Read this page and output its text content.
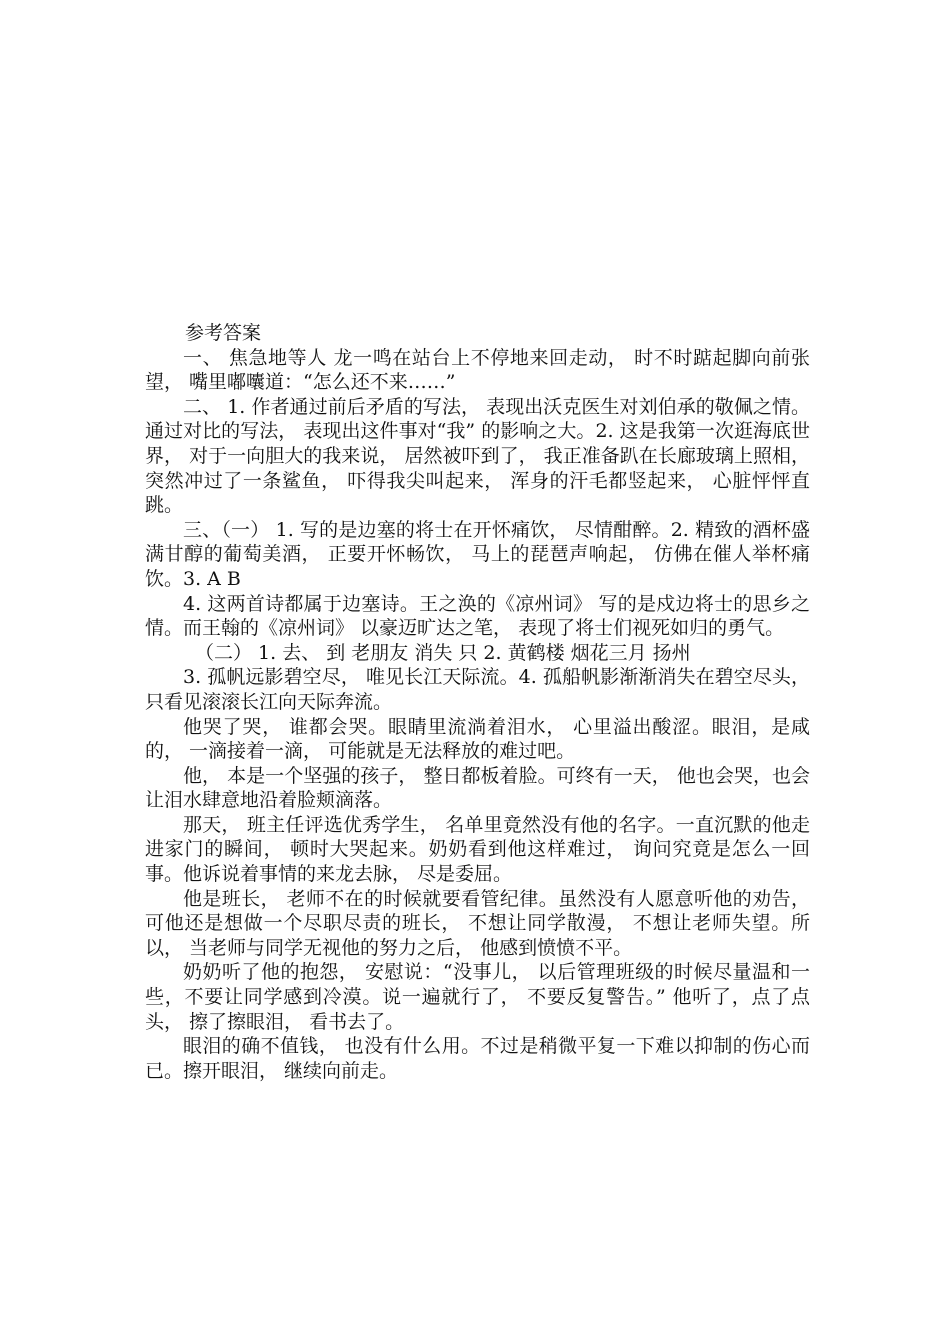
参考答案

一、 焦急地等人 龙一鸣在站台上不停地来回走动， 时不时踮起脚向前张望， 嘴里嘟囔道：“怎么还不来……”

二、 1. 作者通过前后矛盾的写法， 表现出沃克医生对刘伯承的敬佩之情。通过对比的写法， 表现出这件事对“我” 的影响之大。2. 这是我第一次逛海底世界， 对于一向胆大的我来说， 居然被吓到了， 我正准备趴在长廊玻璃上照相，突然冲过了一条鲨鱼， 吓得我尖叫起来， 浑身的汗毛都竖起来， 心脏怦怦直跳。

三、（一） 1. 写的是边塞的将士在开怀痛饮， 尽情酣醉。2. 精致的酒杯盛满甘醇的葡萄美酒， 正要开怀畅饮， 马上的琵琶声响起， 仿佛在催人举杯痛饮。3. A B

4. 这两首诗都属于边塞诗。王之涣的《凉州词》 写的是戍边将士的思乡之情。而王翰的《凉州词》 以豪迈旷达之笔， 表现了将士们视死如归的勇气。

（二） 1. 去、 到 老朋友 消失 只 2. 黄鹤楼 烟花三月 扬州

3. 孤帆远影碧空尽， 唯见长江天际流。4. 孤船帆影渐渐消失在碧空尽头， 只看见滚滚长江向天际奔流。

他哭了哭， 谁都会哭。眼睛里流淌着泪水， 心里溢出酸涩。眼泪，是咸的， 一滴接着一滴， 可能就是无法释放的难过吧。

他， 本是一个坚强的孩子， 整日都板着脸。可终有一天， 他也会哭，也会让泪水肆意地沿着脸颊滴落。

那天， 班主任评选优秀学生， 名单里竟然没有他的名字。一直沉默的他走进家门的瞬间， 顿时大哭起来。奶奶看到他这样难过， 询问究竟是怎么一回事。他诉说着事情的来龙去脉， 尽是委屈。

他是班长， 老师不在的时候就要看管纪律。虽然没有人愿意听他的劝告， 可他还是想做一个尽职尽责的班长， 不想让同学散漫， 不想让老师失望。所以， 当老师与同学无视他的努力之后， 他感到愤愤不平。

奶奶听了他的抱怨， 安慰说：“没事儿， 以后管理班级的时候尽量温和一些，不要让同学感到冷漠。说一遍就行了， 不要反复警告。” 他听了，点了点头， 擦了擦眼泪， 看书去了。

眼泪的确不值钱， 也没有什么用。不过是稍微平复一下难以抑制的伤心而已。擦开眼泪， 继续向前走。
